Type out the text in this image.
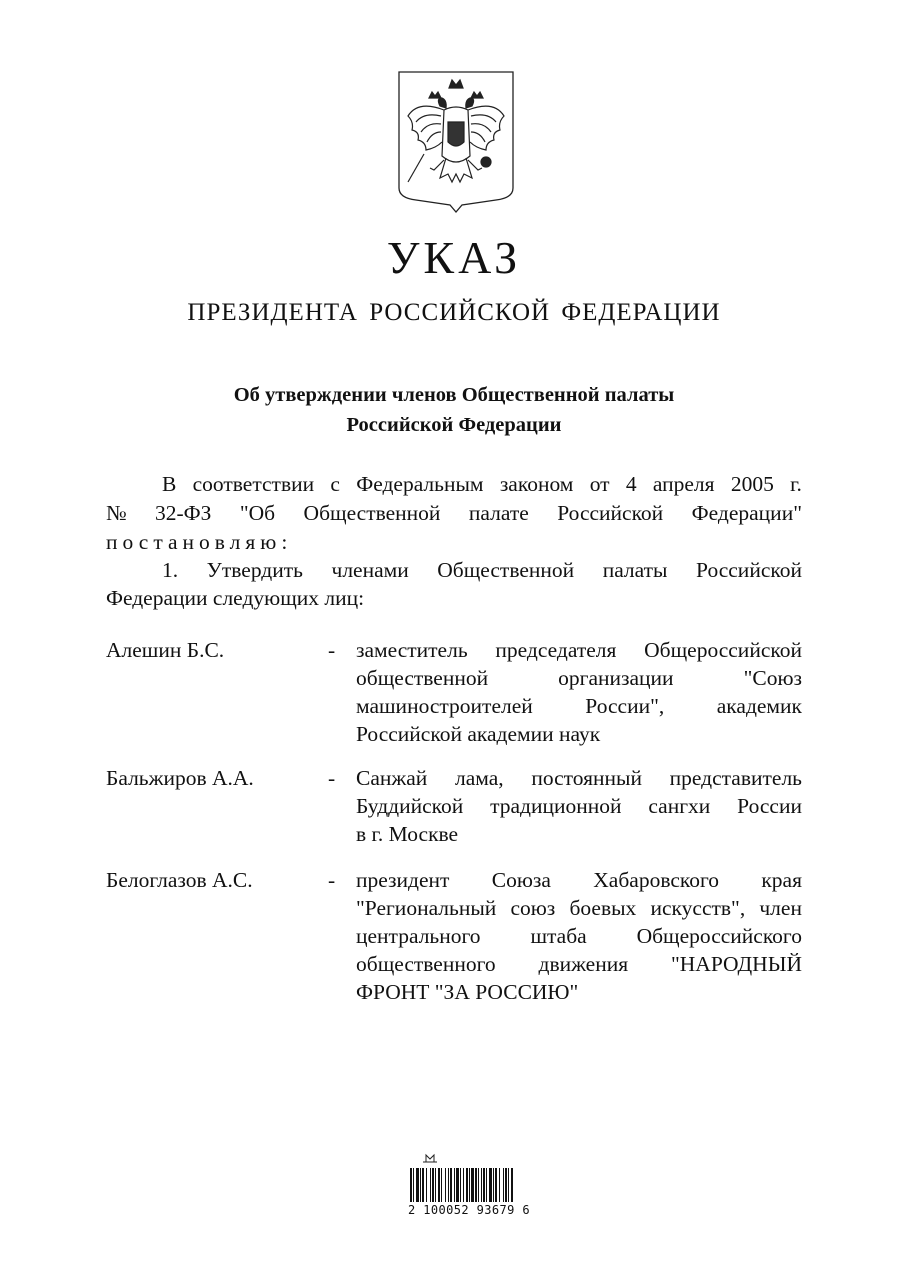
УКАЗ
ПРЕЗИДЕНТА РОССИЙСКОЙ ФЕДЕРАЦИИ
Об утверждении членов Общественной палаты
Российской Федерации
В соответствии с Федеральным законом от 4 апреля 2005 г.
№ 32-ФЗ "Об Общественной палате Российской Федерации"
постановляю:
1. Утвердить членами Общественной палаты Российской
Федерации следующих лиц:
Алешин Б.С.	- заместитель председателя Общероссийской
общественной	организации	"Союз
машиностроителей России", академик
Российской академии наук
Бальжиров А.А.	- Санжай лама, постоянный представитель
Буддийской традиционной сангхи России
в г. Москве
Белоглазов А.С.	- президент Союза Хабаровского края
"Региональный союз боевых искусств", член
центрального штаба Общероссийского
общественного движения "НАРОДНЫЙ
ФРОНТ "ЗА РОССИЮ"
2 100052 93679 6
